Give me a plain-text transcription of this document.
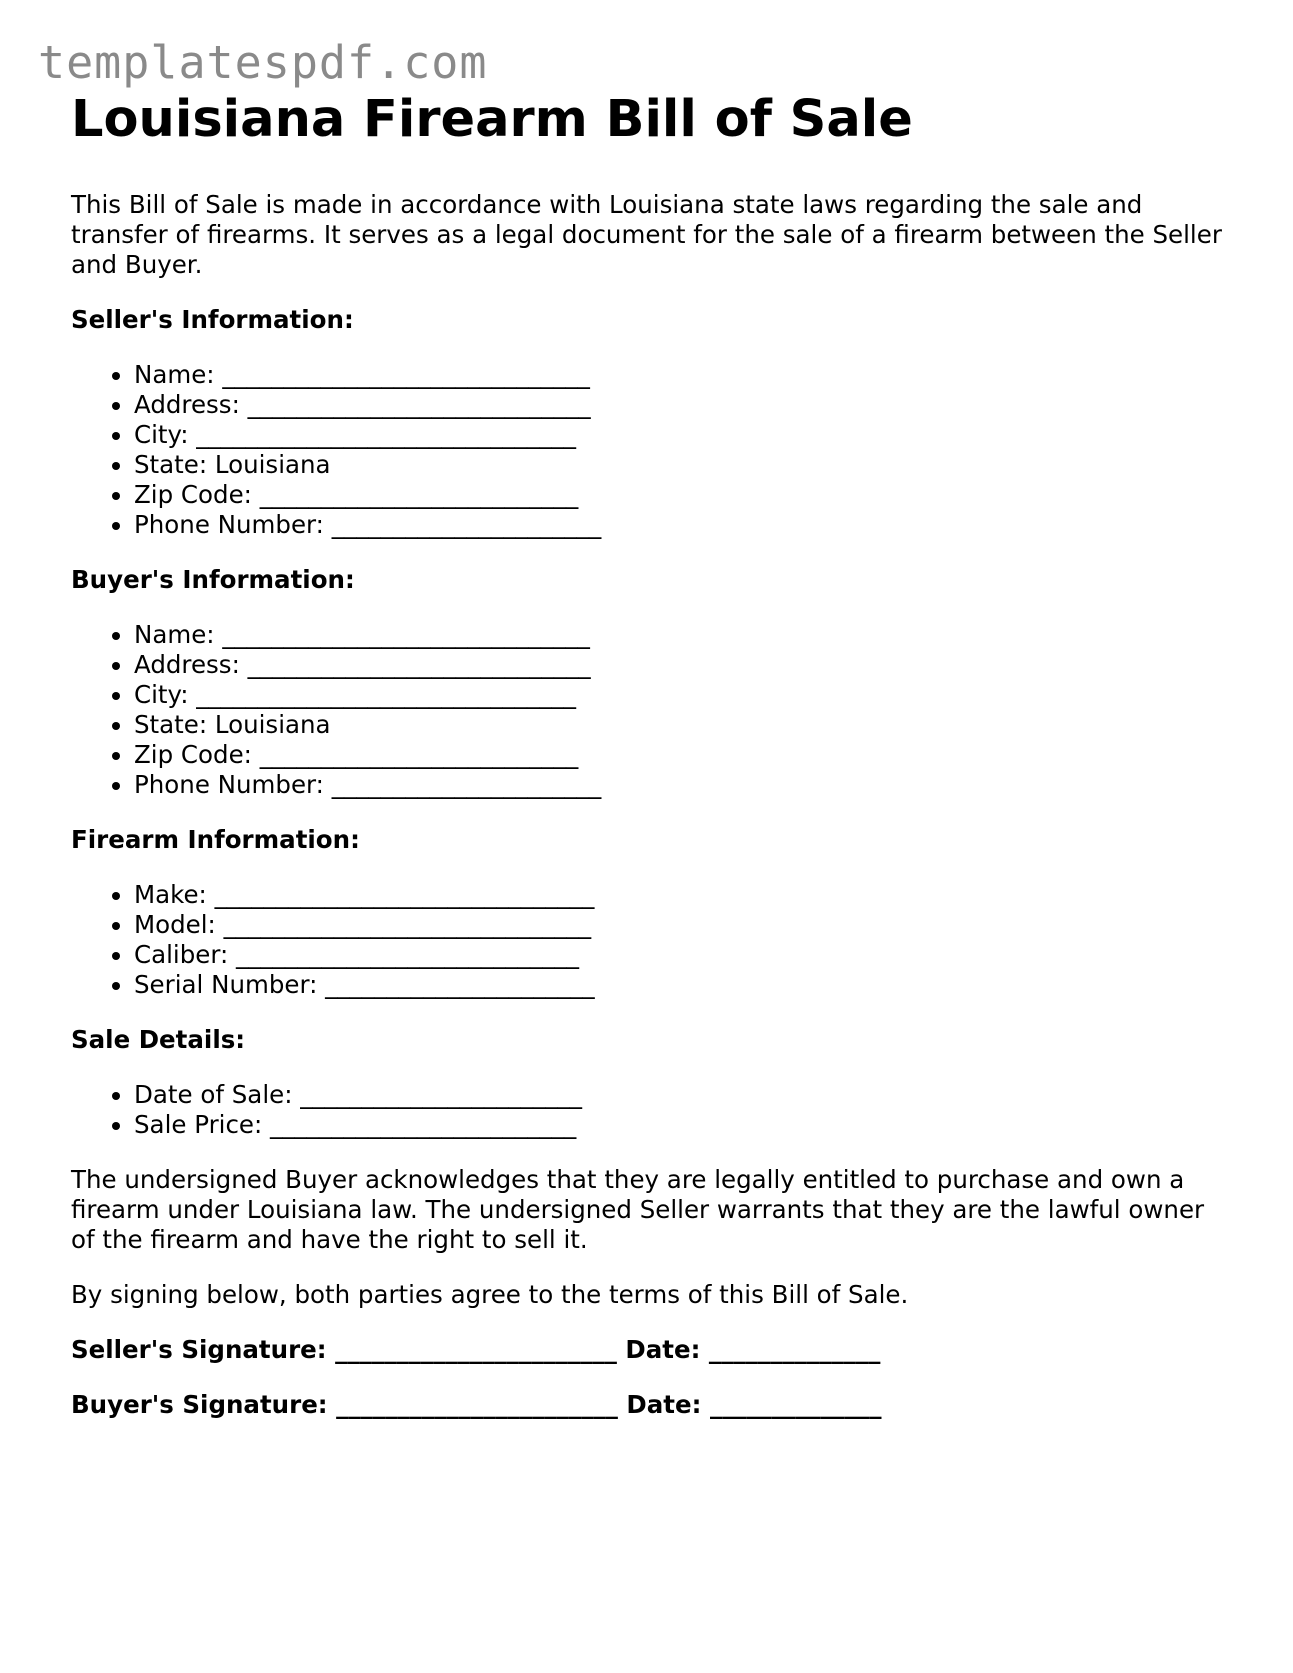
templatespdf.com
Louisiana Firearm Bill of Sale

This Bill of Sale is made in accordance with Louisiana state laws regarding the sale and transfer of firearms. It serves as a legal document for the sale of a firearm between the Seller and Buyer.

Seller's Information:
• Name: ______________________________
• Address: ____________________________
• City: _______________________________
• State: Louisiana
• Zip Code: __________________________
• Phone Number: ______________________
Buyer's Information:
• Name: ______________________________
• Address: ____________________________
• City: _______________________________
• State: Louisiana
• Zip Code: __________________________
• Phone Number: ______________________
Firearm Information:
• Make: _______________________________
• Model: ______________________________
• Caliber: ____________________________
• Serial Number: ______________________
Sale Details:
• Date of Sale: _______________________
• Sale Price: _________________________

The undersigned Buyer acknowledges that they are legally entitled to purchase and own a firearm under Louisiana law. The undersigned Seller warrants that they are the lawful owner of the firearm and have the right to sell it.

By signing below, both parties agree to the terms of this Bill of Sale.

Seller's Signature: _______________________ Date: ______________
Buyer's Signature: _______________________ Date: ______________
